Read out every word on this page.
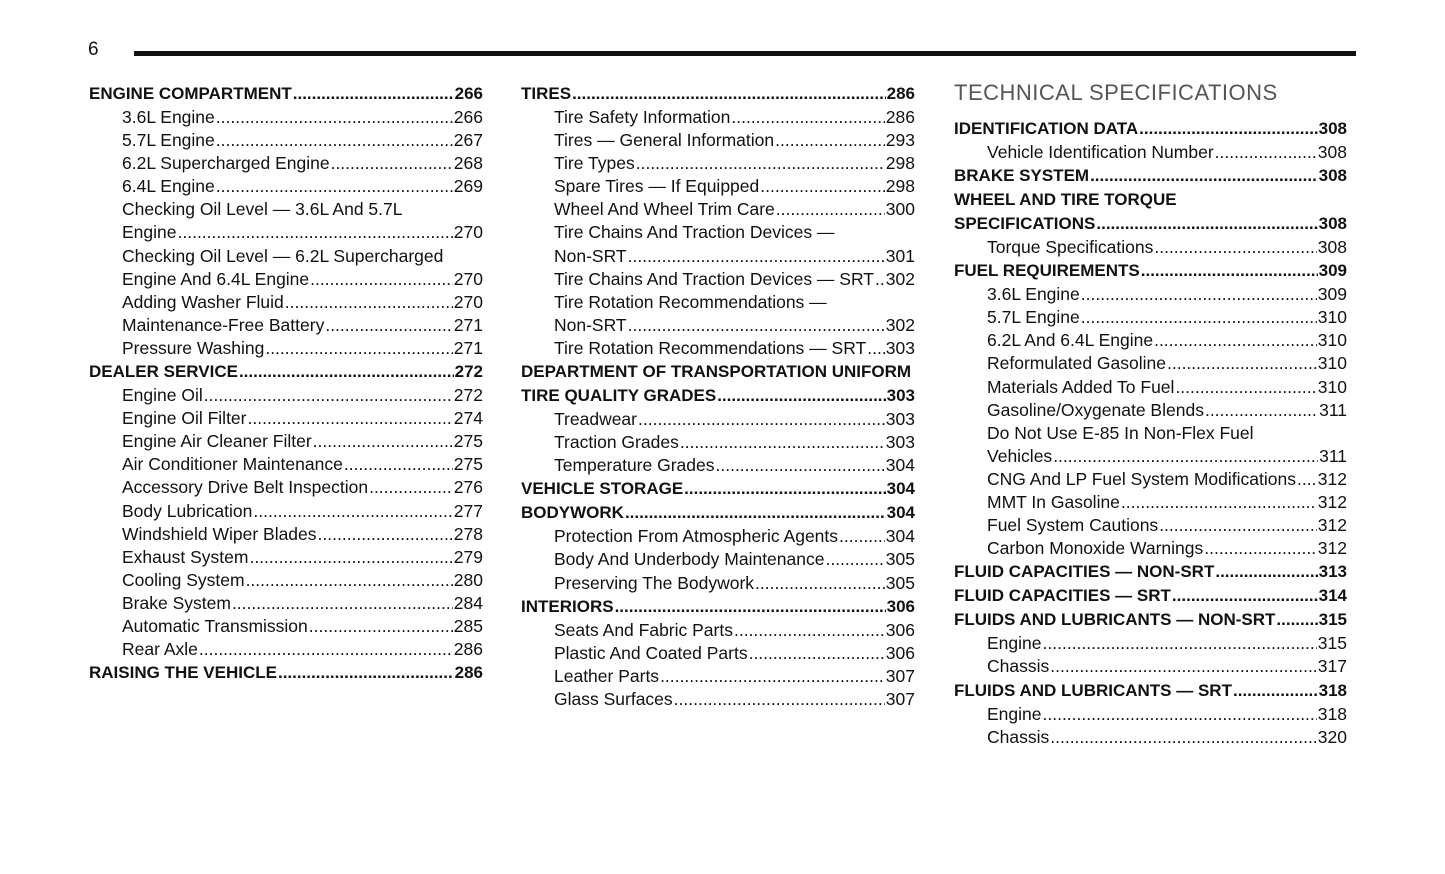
6
ENGINE COMPARTMENT .....	266
3.6L Engine .....	266
5.7L Engine .....	267
6.2L Supercharged Engine .....	268
6.4L Engine .....	269
Checking Oil Level — 3.6L And 5.7L
Engine .....	270
Checking Oil Level — 6.2L Supercharged
Engine And 6.4L Engine .....	270
Adding Washer Fluid .....	270
Maintenance-Free Battery .....	271
Pressure Washing .....	271
DEALER SERVICE .....	272
Engine Oil .....	272
Engine Oil Filter .....	274
Engine Air Cleaner Filter .....	275
Air Conditioner Maintenance .....	275
Accessory Drive Belt Inspection .....	276
Body Lubrication .....	277
Windshield Wiper Blades .....	278
Exhaust System .....	279
Cooling System .....	280
Brake System .....	284
Automatic Transmission .....	285
Rear Axle .....	286
RAISING THE VEHICLE .....	286
TIRES .....	286
Tire Safety Information .....	286
Tires — General Information .....	293
Tire Types .....	298
Spare Tires — If Equipped .....	298
Wheel And Wheel Trim Care .....	300
Tire Chains And Traction Devices —
Non-SRT .....	301
Tire Chains And Traction Devices — SRT ..... 302
Tire Rotation Recommendations —
Non-SRT .....	302
Tire Rotation Recommendations — SRT ..... 303
DEPARTMENT OF TRANSPORTATION UNIFORM
TIRE QUALITY GRADES .....	303
Treadwear .....	303
Traction Grades .....	303
Temperature Grades .....	304
VEHICLE STORAGE .....	304
BODYWORK .....	304
Protection From Atmospheric Agents .....	304
Body And Underbody Maintenance .....	305
Preserving The Bodywork .....	305
INTERIORS .....	306
Seats And Fabric Parts .....	306
Plastic And Coated Parts .....	306
Leather Parts .....	307
Glass Surfaces .....	307
TECHNICAL SPECIFICATIONS
IDENTIFICATION DATA .....	308
Vehicle Identification Number .....	308
BRAKE SYSTEM .....	308
WHEEL AND TIRE TORQUE
SPECIFICATIONS .....	308
Torque Specifications .....	308
FUEL REQUIREMENTS .....	309
3.6L Engine .....	309
5.7L Engine .....	310
6.2L And 6.4L Engine .....	310
Reformulated Gasoline .....	310
Materials Added To Fuel .....	310
Gasoline/Oxygenate Blends .....	311
Do Not Use E-85 In Non-Flex Fuel
Vehicles .....	311
CNG And LP Fuel System Modifications ..... 312
MMT In Gasoline .....	312
Fuel System Cautions .....	312
Carbon Monoxide Warnings .....	312
FLUID CAPACITIES — NON-SRT .....	313
FLUID CAPACITIES — SRT .....	314
FLUIDS AND LUBRICANTS — NON-SRT .....	315
Engine .....	315
Chassis .....	317
FLUIDS AND LUBRICANTS — SRT .....	318
Engine .....	318
Chassis .....	320
